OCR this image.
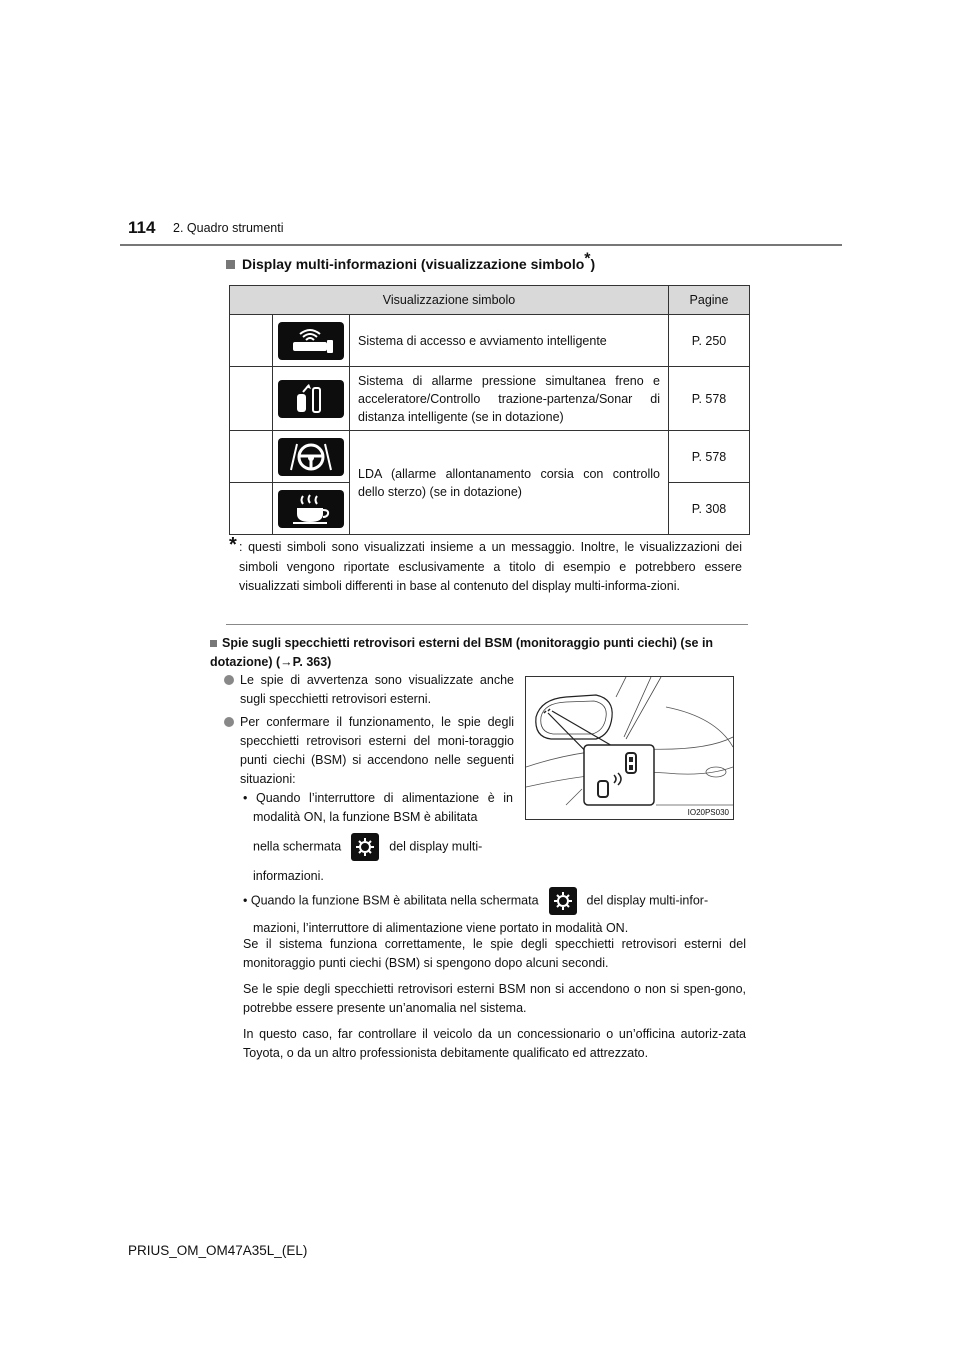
114 2. Quadro strumenti
Display multi-informazioni (visualizzazione simbolo*)
Visualizzazione simbolo			Pagine

	Sistema di accesso e avviamento intelligente	P. 250

	Sistema di allarme pressione simultanea freno e acceleratore/Controllo trazione-partenza/Sonar di distanza intelligente (se in dotazione)	P. 578

	LDA (allarme allontanamento corsia con controllo dello sterzo) (se in dotazione)	P. 578

	P. 308
* : questi simboli sono visualizzati insieme a un messaggio. Inoltre, le visualizzazioni dei simboli vengono riportate esclusivamente a titolo di esempio e potrebbero essere visualizzati simboli differenti in base al contenuto del display multi-informa-zioni.
Spie sugli specchietti retrovisori esterni del BSM (monitoraggio punti ciechi) (se in dotazione) (→P. 363)
Le spie di avvertenza sono visualizzate anche sugli specchietti retrovisori esterni.
Per confermare il funzionamento, le spie degli specchietti retrovisori esterni del moni-toraggio punti ciechi (BSM) si accendono nelle seguenti situazioni:
• Quando l’interruttore di alimentazione è in modalità ON, la funzione BSM è abilitata
nella schermata	del display multi-
informazioni.
• Quando la funzione BSM è abilitata nella schermata	del display multi-infor-
mazioni, l’interruttore di alimentazione viene portato in modalità ON.
Se il sistema funziona correttamente, le spie degli specchietti retrovisori esterni del monitoraggio punti ciechi (BSM) si spengono dopo alcuni secondi.
Se le spie degli specchietti retrovisori esterni BSM non si accendono o non si spen-gono, potrebbe essere presente un’anomalia nel sistema.
In questo caso, far controllare il veicolo da un concessionario o un’officina autoriz-zata Toyota, o da un altro professionista debitamente qualificato ed attrezzato.
IO20PS030
PRIUS_OM_OM47A35L_(EL)
